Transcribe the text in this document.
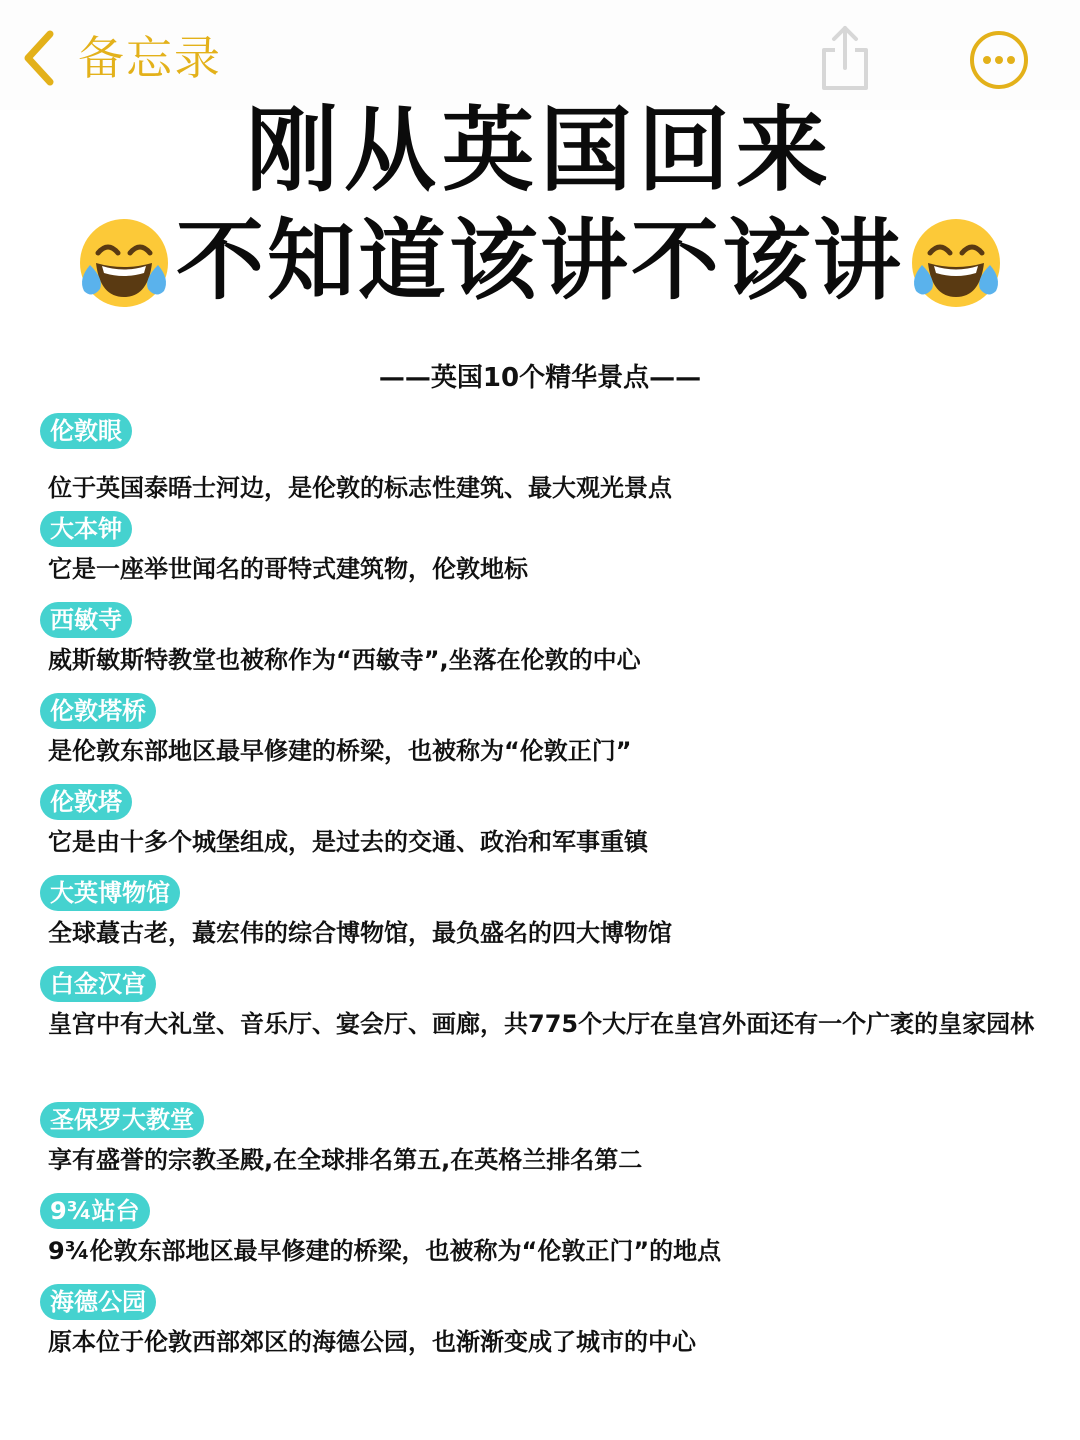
备忘录
刚从英国回来
不知道该讲不该讲
——英国10个精华景点——
伦敦眼
位于英国泰晤士河边，是伦敦的标志性建筑、最大观光景点
大本钟
它是一座举世闻名的哥特式建筑物，伦敦地标
西敏寺
威斯敏斯特教堂也被称作为“西敏寺”,坐落在伦敦的中心
伦敦塔桥
是伦敦东部地区最早修建的桥梁，也被称为“伦敦正门”
伦敦塔
它是由十多个城堡组成，是过去的交通、政治和军事重镇
大英博物馆
全球蕞古老，蕞宏伟的综合博物馆，最负盛名的四大博物馆
白金汉宫
皇宫中有大礼堂、音乐厅、宴会厅、画廊，共775个大厅在皇宫外面还有一个广袤的皇家园林
圣保罗大教堂
享有盛誉的宗教圣殿,在全球排名第五,在英格兰排名第二
9¾站台
9¾伦敦东部地区最早修建的桥梁，也被称为“伦敦正门”的地点
海德公园
原本位于伦敦西部郊区的海德公园，也渐渐变成了城市的中心
